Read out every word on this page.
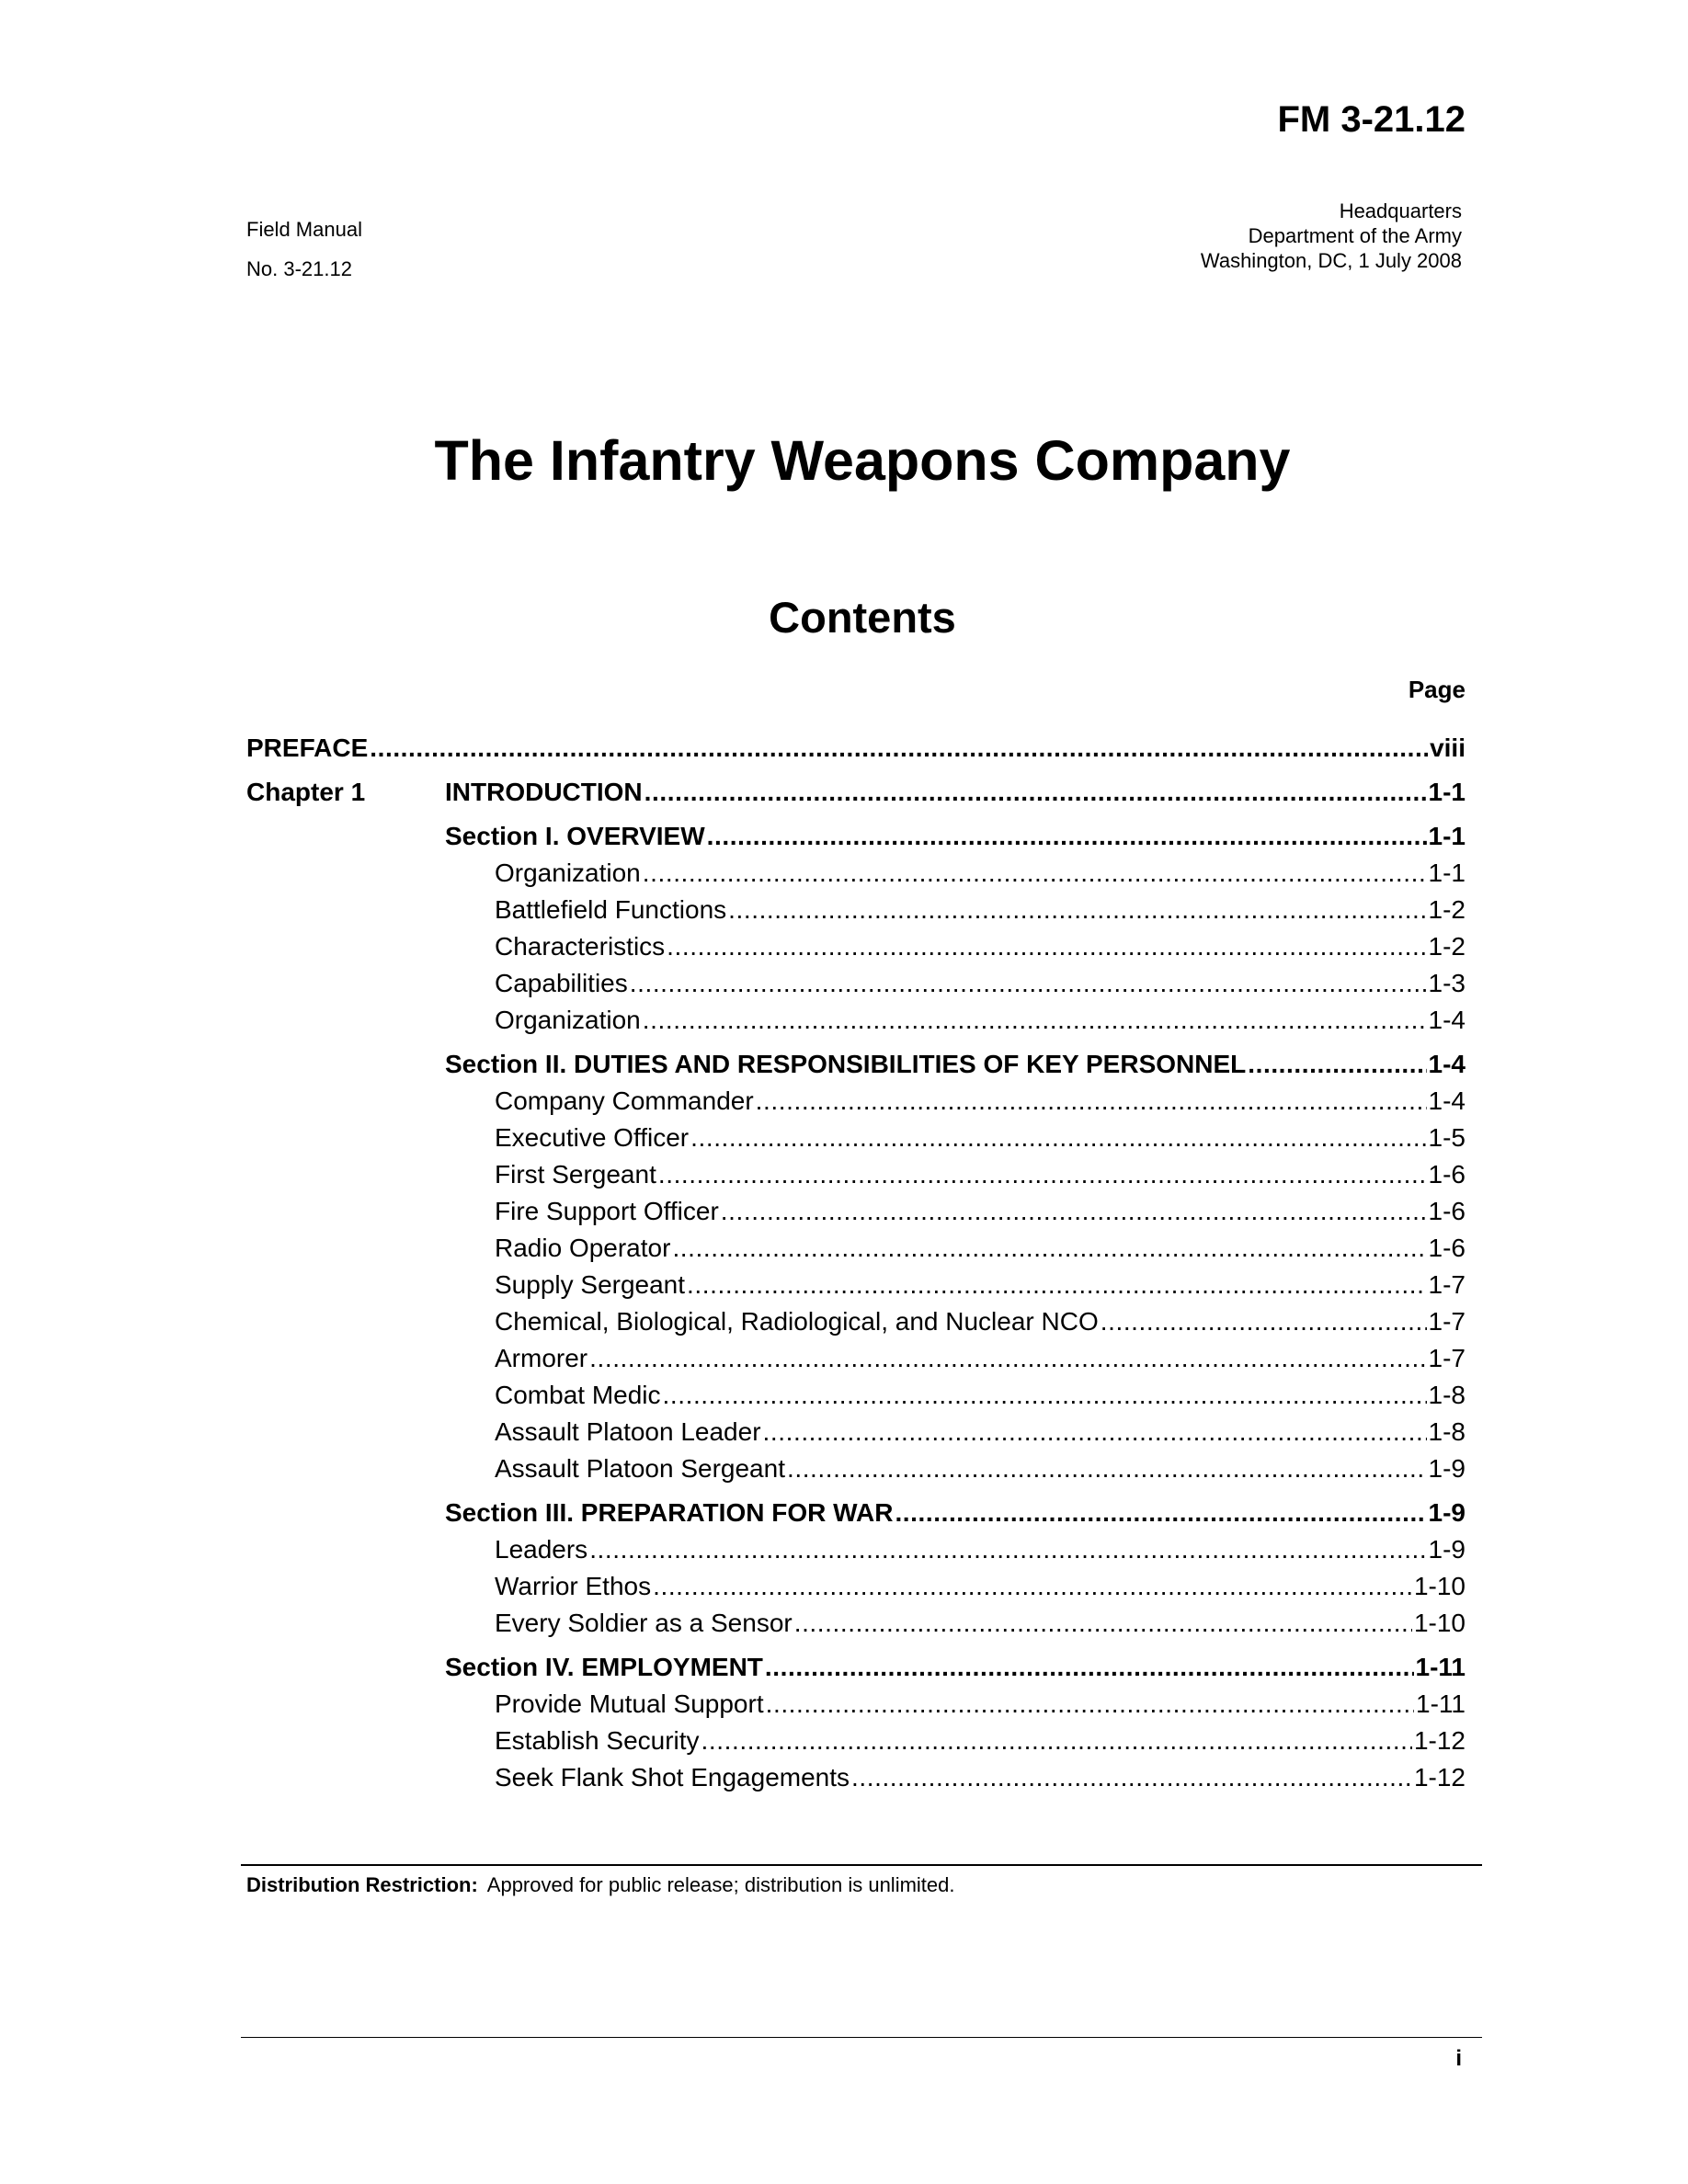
FM 3-21.12
Field Manual
No. 3-21.12
Headquarters
Department of the Army
Washington, DC, 1 July 2008
The Infantry Weapons Company
Contents
Page
PREFACE . . .	viii
Chapter 1	INTRODUCTION . . .	1-1
Section I. OVERVIEW . . .	1-1
Organization . . .	1-1
Battlefield Functions . . .	1-2
Characteristics . . .	1-2
Capabilities . . .	1-3
Organization . . .	1-4
Section II. DUTIES AND RESPONSIBILITIES OF KEY PERSONNEL . . .	1-4
Company Commander . . .	1-4
Executive Officer . . .	1-5
First Sergeant . . .	1-6
Fire Support Officer . . .	1-6
Radio Operator . . .	1-6
Supply Sergeant . . .	1-7
Chemical, Biological, Radiological, and Nuclear NCO . . .	1-7
Armorer . . .	1-7
Combat Medic . . .	1-8
Assault Platoon Leader . . .	1-8
Assault Platoon Sergeant . . .	1-9
Section III. PREPARATION FOR WAR . . .	1-9
Leaders . . .	1-9
Warrior Ethos . . .	1-10
Every Soldier as a Sensor . . .	1-10
Section IV. EMPLOYMENT . . .	1-11
Provide Mutual Support . . .	1-11
Establish Security . . .	1-12
Seek Flank Shot Engagements . . .	1-12
Distribution Restriction: Approved for public release; distribution is unlimited.
i
